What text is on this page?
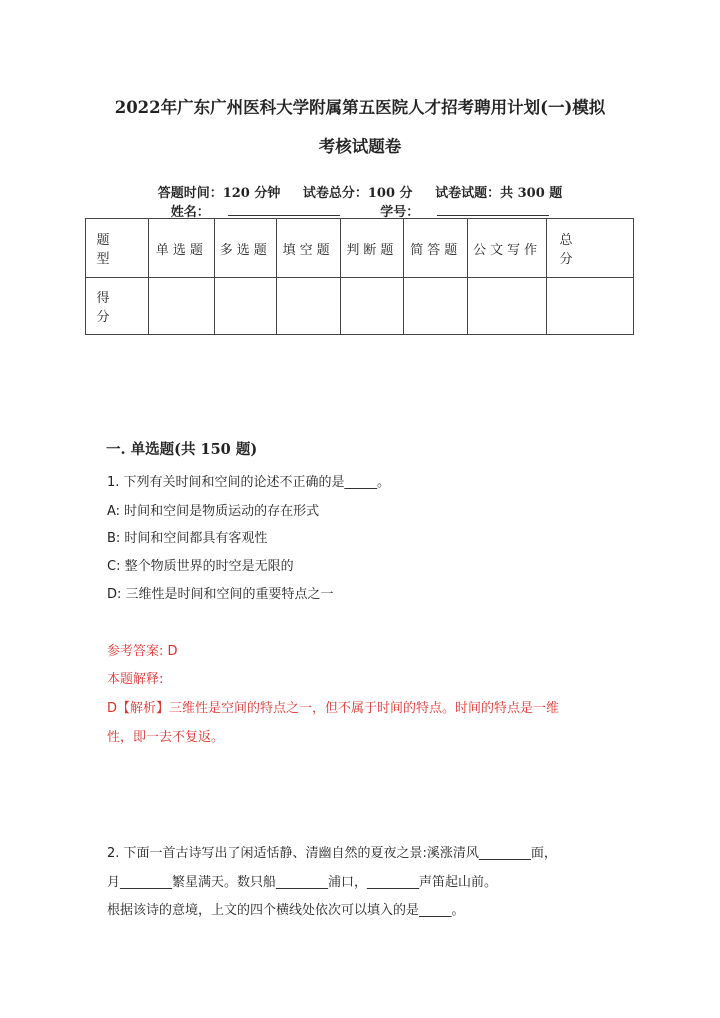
2022年广东广州医科大学附属第五医院人才招考聘用计划(一)模拟
考核试题卷
答题时间：120 分钟 试卷总分：100 分 试卷试题：共 300 题
姓名：	学号：
题 型	单选题	多选题	填空题	判断题	简答题	公文写作	总 分
得 分							
一. 单选题(共 150 题)
1. 下列有关时间和空间的论述不正确的是_____。
A: 时间和空间是物质运动的存在形式
B: 时间和空间都具有客观性
C: 整个物质世界的时空是无限的
D: 三维性是时间和空间的重要特点之一
参考答案: D
本题解释:
D【解析】三维性是空间的特点之一，但不属于时间的特点。时间的特点是一维
性，即一去不复返。
2. 下面一首古诗写出了闲适恬静、清幽自然的夏夜之景:溪涨清风________面，
月________繁星满天。数只船________浦口，________声笛起山前。
根据该诗的意境，上文的四个横线处依次可以填入的是_____。
